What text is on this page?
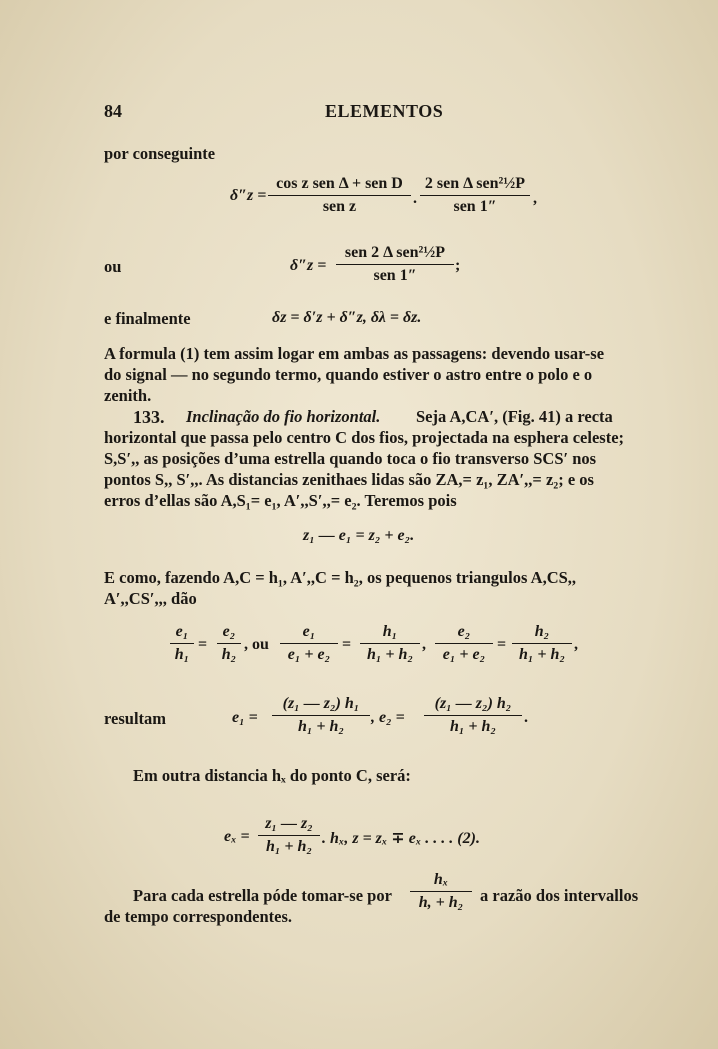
84	ELEMENTOS
por conseguinte
δ″z =
cos z sen Δ + sen D
sen z	.
2 sen Δ sen²½P
sen 1″	,
ou	δ″z =
sen 2 Δ sen²½P
sen 1″
;
e finalmente	δz = δ′z + δ″z, δλ = δz.
A formula (1) tem assim logar em ambas as passagens: devendo usar-se
do signal — no segundo termo, quando estiver o astro entre o polo e o
zenith.
133. Inclinação do fio horizontal. Seja A,CA′, (Fig. 41) a recta
horizontal que passa pelo centro C dos fios, projectada na esphera celeste;
S,S′,, as posições d’uma estrella quando toca o fio transverso SCS′ nos
pontos S,, S′,,. As distancias zenithaes lidas são ZA,= z₁, ZA′,,= z₂; e os
erros d’ellas são A,S₁= e₁, A′,,S′,,= e₂. Teremos pois
z₁ — e₁ = z₂ + e₂.
E como, fazendo A,C = h₁, A′,,C = h₂, os pequenos triangulos A,CS,,
A′,,CS′,,, dão
e₁
h₁
=
e₂
h₂
, ou
e₁
e₁ + e₂
=
h₁
h₁ + h₂
,
e₂
e₁ + e₂
=
h₂
h₁ + h₂
,
resultam	e₁ =
(z₁ — z₂) h₁
h₁ + h₂
, e₂ =
(z₁ — z₂) h₂
h₁ + h₂
.
Em outra distancia hₓ do ponto C, será:
eₓ =
z₁ — z₂
h₁ + h₂ . hₓ, z = zₓ ∓ eₓ . . . . (2).
Para cada estrella póde tomar-se por
hₓ
h, + h₂	a razão dos intervallos
de tempo correspondentes.
